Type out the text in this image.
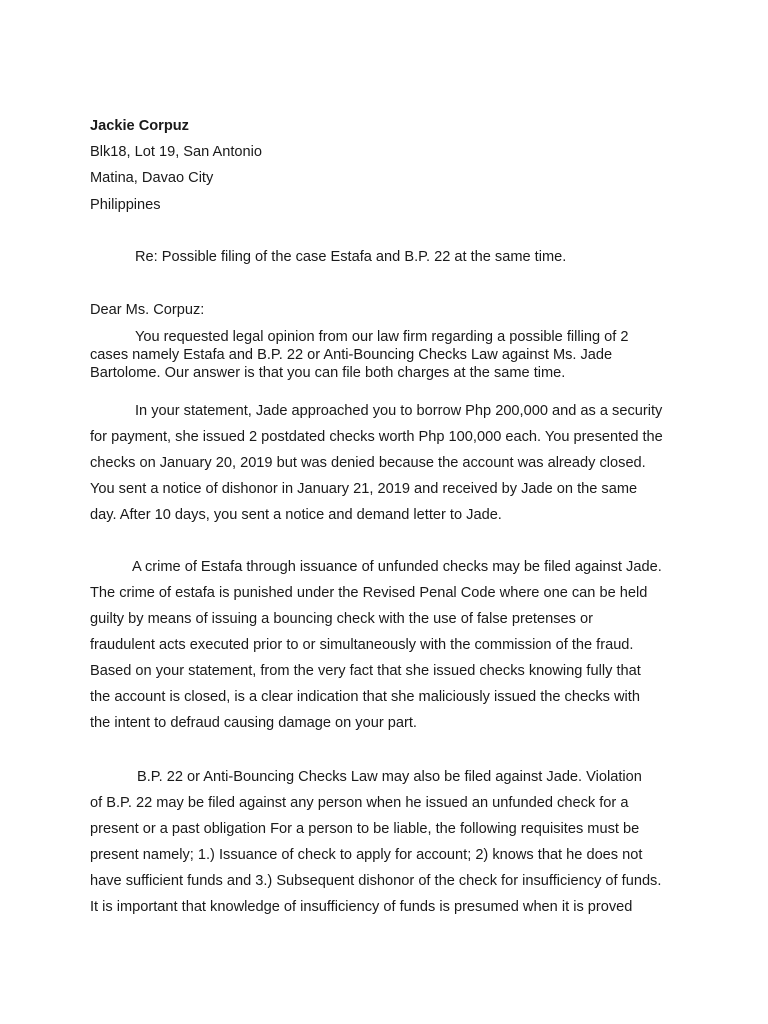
Jackie Corpuz
Blk18, Lot 19, San Antonio
Matina, Davao City
Philippines
Re: Possible filing of the case Estafa and B.P. 22 at the same time.
Dear Ms. Corpuz:
You requested legal opinion from our law firm regarding a possible filling of 2
cases namely Estafa and B.P. 22 or Anti-Bouncing Checks Law against Ms. Jade
Bartolome. Our answer is that you can file both charges at the same time.
In your statement, Jade approached you to borrow Php 200,000 and as a security
for payment, she issued 2 postdated checks worth Php 100,000 each. You presented the
checks on January 20, 2019 but was denied because the account was already closed.
You sent a notice of dishonor in January 21, 2019 and received by Jade on the same
day. After 10 days, you sent a notice and demand letter to Jade.
A crime of Estafa through issuance of unfunded checks may be filed against Jade.
The crime of estafa is punished under the Revised Penal Code where one can be held
guilty by means of issuing a bouncing check with the use of false pretenses or
fraudulent acts executed prior to or simultaneously with the commission of the fraud.
Based on your statement, from the very fact that she issued checks knowing fully that
the account is closed, is a clear indication that she maliciously issued the checks with
the intent to defraud causing damage on your part.
B.P. 22 or Anti-Bouncing Checks Law may also be filed against Jade. Violation
of B.P. 22 may be filed against any person when he issued an unfunded check for a
present or a past obligation For a person to be liable, the following requisites must be
present namely; 1.) Issuance of check to apply for account; 2) knows that he does not
have sufficient funds and 3.) Subsequent dishonor of the check for insufficiency of funds.
It is important that knowledge of insufficiency of funds is presumed when it is proved
